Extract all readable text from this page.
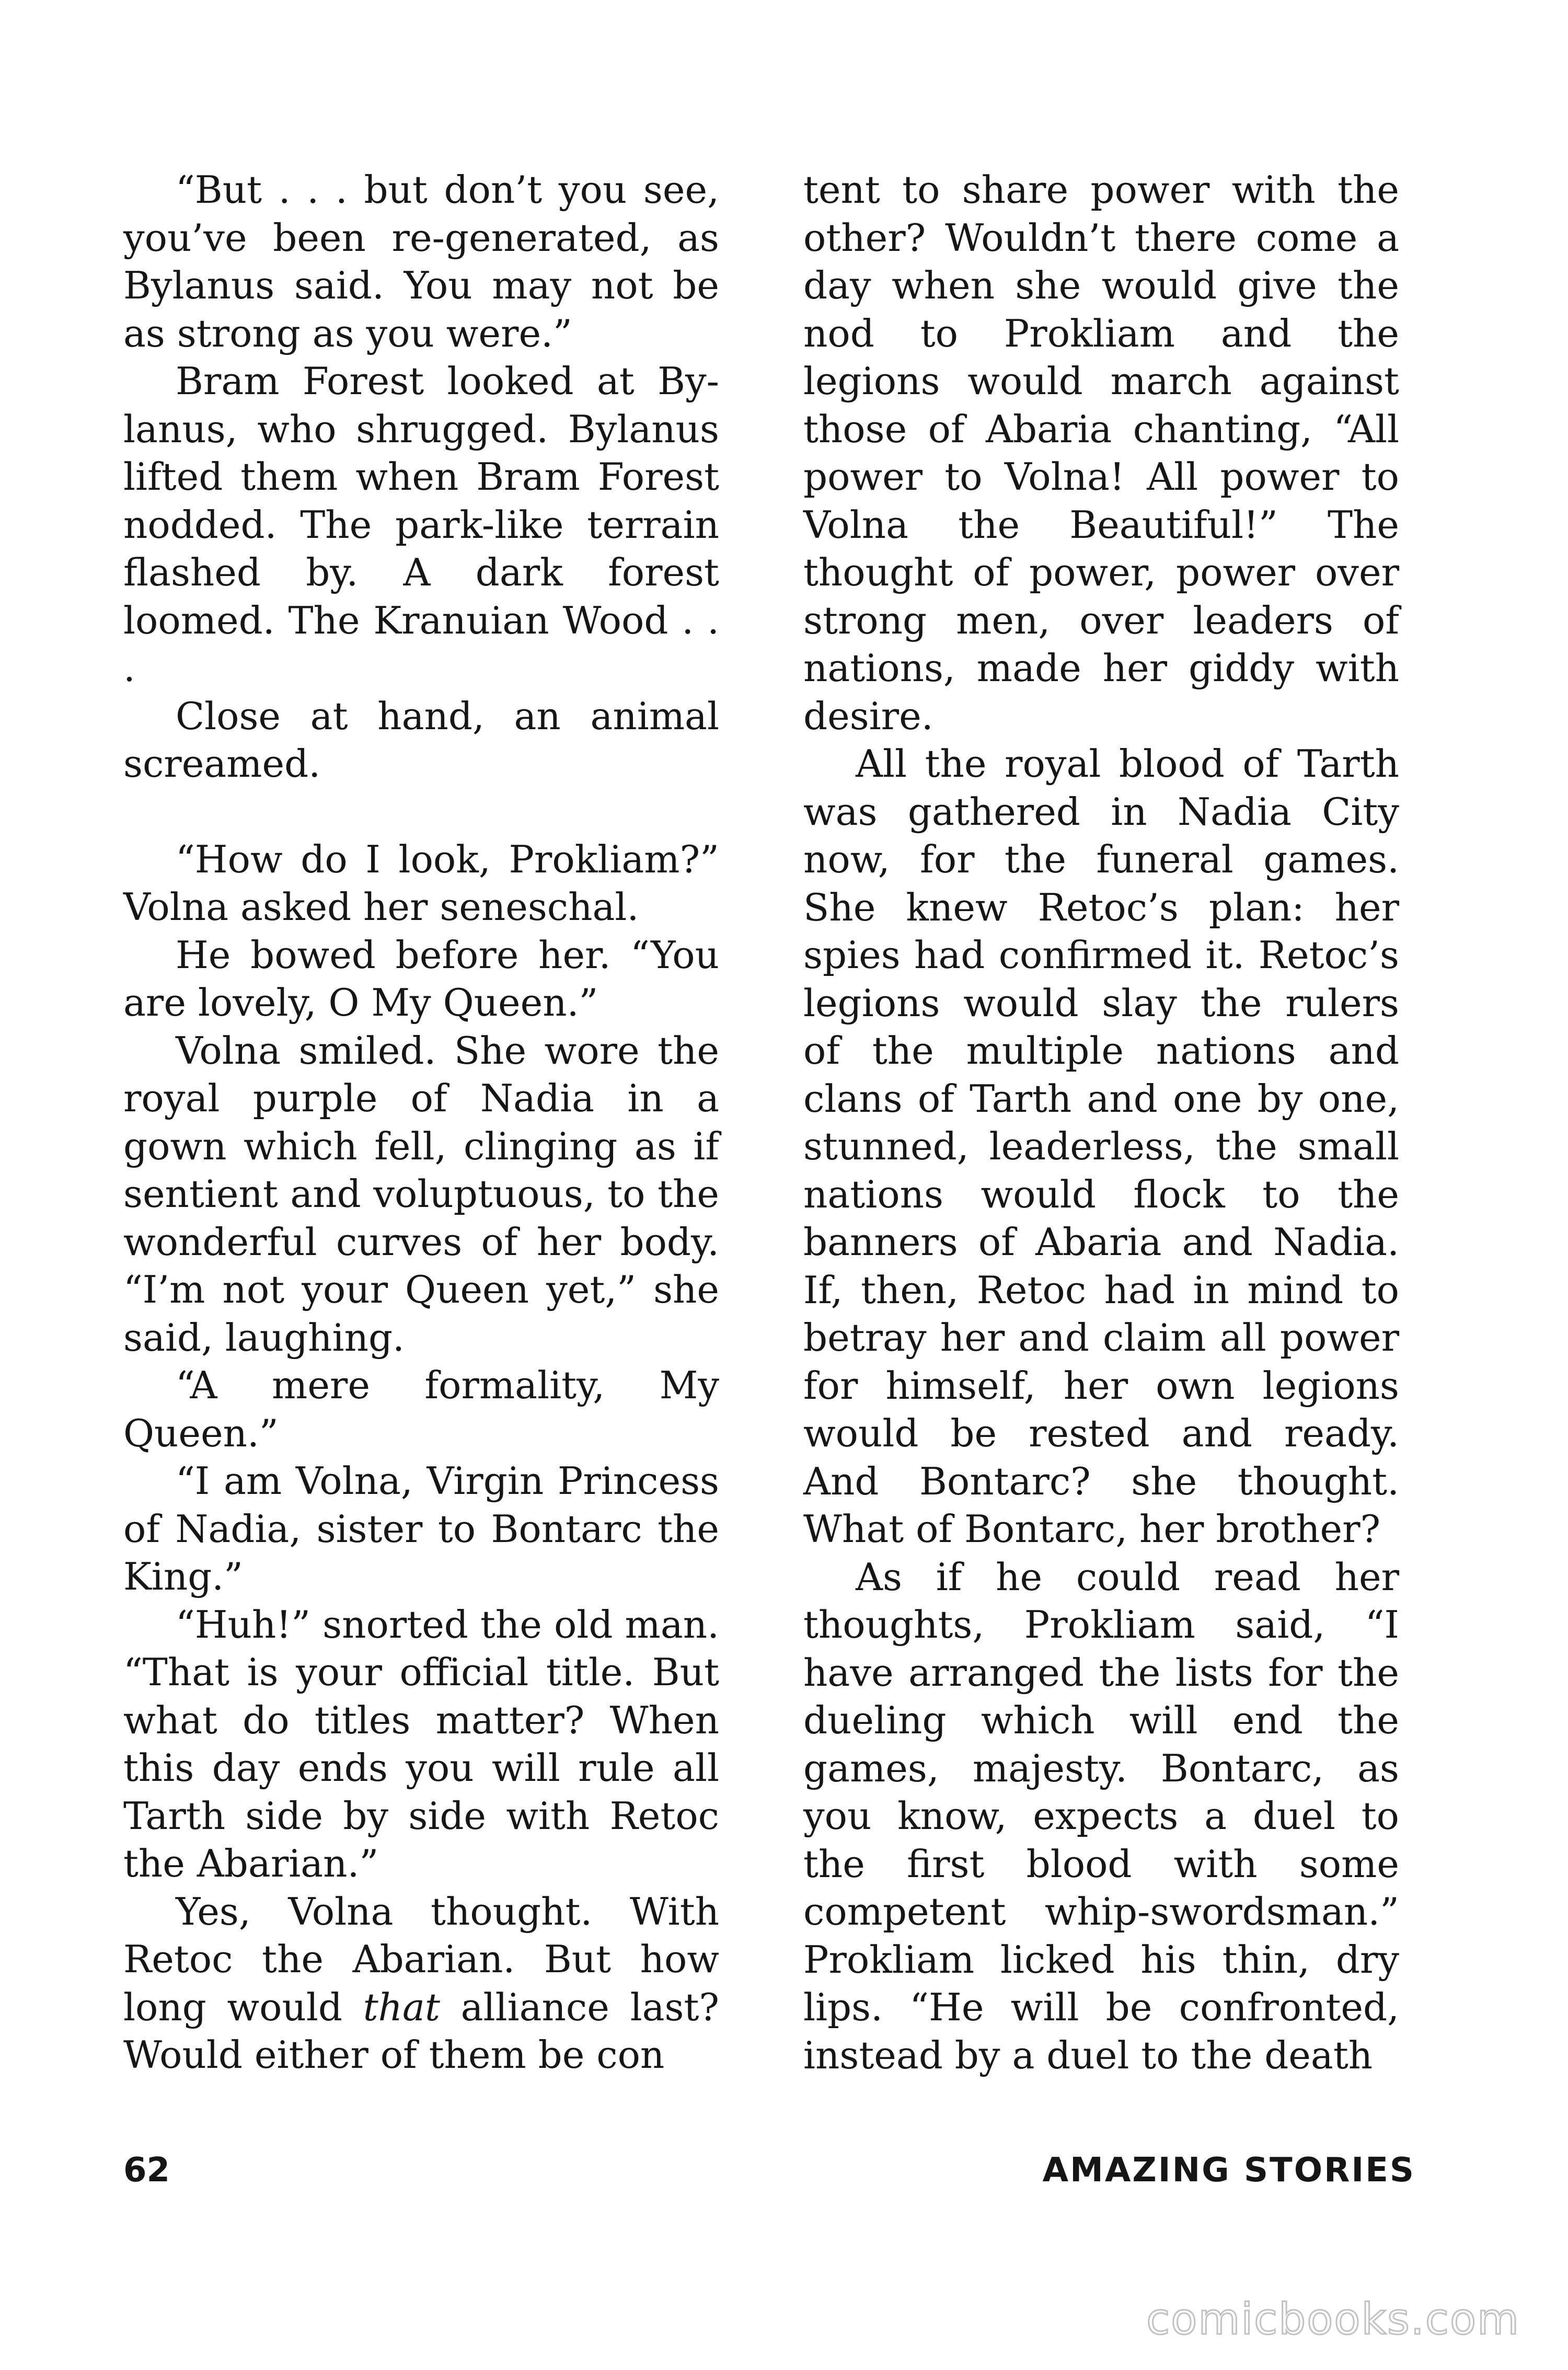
“But . . . but don’t you see, you’ve been re-generated, as Bylanus said. You may not be as strong as you were.”

Bram Forest looked at Bylanus, who shrugged. Bylanus lifted them when Bram Forest nodded. The park-like terrain flashed by. A dark forest loomed. The Kranuian Wood . . .

Close at hand, an animal screamed.

“How do I look, Prokliam?” Volna asked her seneschal.

He bowed before her. “You are lovely, O My Queen.”

Volna smiled. She wore the royal purple of Nadia in a gown which fell, clinging as if sentient and voluptuous, to the wonderful curves of her body. “I’m not your Queen yet,” she said, laughing.

“A mere formality, My Queen.”

“I am Volna, Virgin Princess of Nadia, sister to Bontarc the King.”

“Huh!” snorted the old man. “That is your official title. But what do titles matter? When this day ends you will rule all Tarth side by side with Retoc the Abarian.”

Yes, Volna thought. With Retoc the Abarian. But how long would that alliance last? Would either of them be con

tent to share power with the other? Wouldn’t there come a day when she would give the nod to Prokliam and the legions would march against those of Abaria chanting, “All power to Volna! All power to Volna the Beautiful!” The thought of power, power over strong men, over leaders of nations, made her giddy with desire.

All the royal blood of Tarth was gathered in Nadia City now, for the funeral games. She knew Retoc’s plan: her spies had confirmed it. Retoc’s legions would slay the rulers of the multiple nations and clans of Tarth and one by one, stunned, leaderless, the small nations would flock to the banners of Abaria and Nadia. If, then, Retoc had in mind to betray her and claim all power for himself, her own legions would be rested and ready. And Bontarc? she thought. What of Bontarc, her brother?

As if he could read her thoughts, Prokliam said, “I have arranged the lists for the dueling which will end the games, majesty. Bontarc, as you know, expects a duel to the first blood with some competent whip-swordsman.” Prokliam licked his thin, dry lips. “He will be confronted, instead by a duel to the death

62	AMAZING STORIES
comicbooks.com
